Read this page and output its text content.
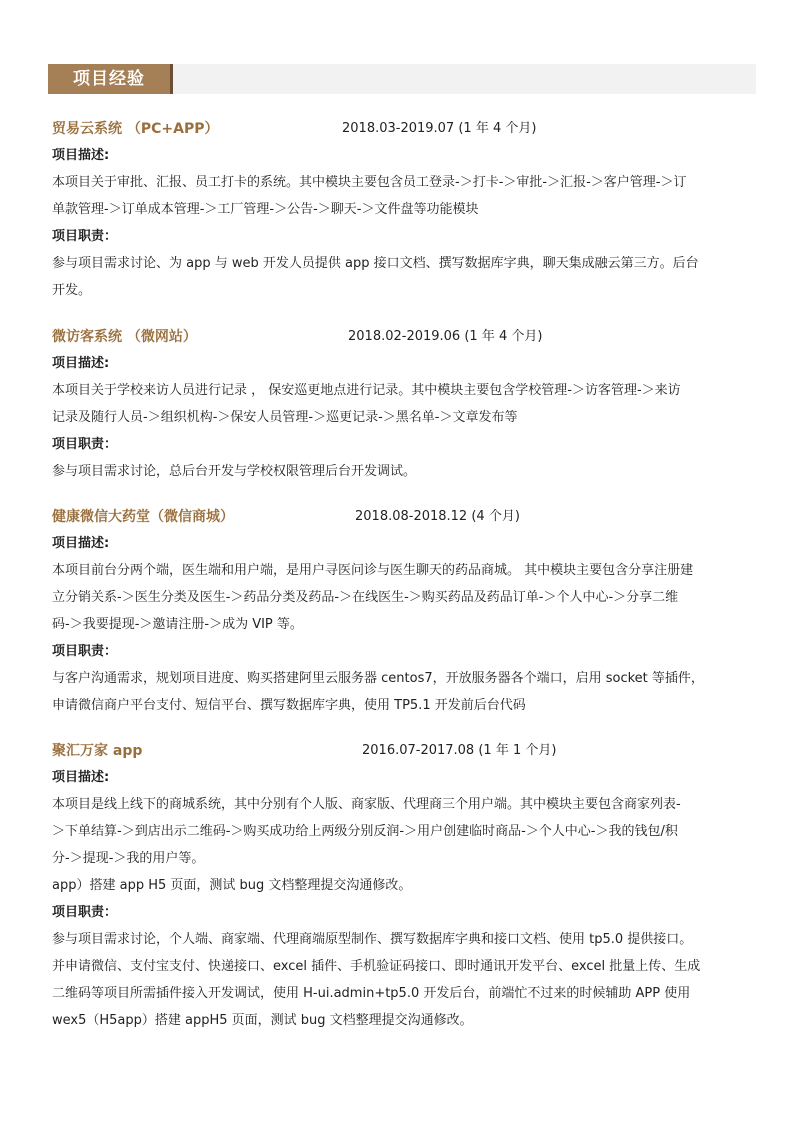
项目经验
贸易云系统 （PC+APP）	2018.03-2019.07 (1 年 4 个月)
项目描述:

本项目关于审批、汇报、员工打卡的系统。其中模块主要包含员工登录-＞打卡-＞审批-＞汇报-＞客户管理-＞订

单款管理-＞订单成本管理-＞工厂管理-＞公告-＞聊天-＞文件盘等功能模块

项目职责：

参与项目需求讨论、为 app 与 web 开发人员提供 app 接口文档、撰写数据库字典，聊天集成融云第三方。后台

开发。

微访客系统 （微网站）	2018.02-2019.06 (1 年 4 个月)
项目描述:

本项目关于学校来访人员进行记录 ， 保安巡更地点进行记录。其中模块主要包含学校管理-＞访客管理-＞来访

记录及随行人员-＞组织机构-＞保安人员管理-＞巡更记录-＞黑名单-＞文章发布等

项目职责：

参与项目需求讨论，总后台开发与学校权限管理后台开发调试。

健康微信大药堂（微信商城）	2018.08-2018.12 (4 个月)
项目描述:

本项目前台分两个端，医生端和用户端，是用户寻医问诊与医生聊天的药品商城。 其中模块主要包含分享注册建

立分销关系-＞医生分类及医生-＞药品分类及药品-＞在线医生-＞购买药品及药品订单-＞个人中心-＞分享二维

码-＞我要提现-＞邀请注册-＞成为 VIP 等。

项目职责：

与客户沟通需求，规划项目进度、购买搭建阿里云服务器 centos7，开放服务器各个端口，启用 socket 等插件，

申请微信商户平台支付、短信平台、撰写数据库字典，使用 TP5.1 开发前后台代码

聚汇万家 app	2016.07-2017.08 (1 年 1 个月)
项目描述:

本项目是线上线下的商城系统，其中分别有个人版、商家版、代理商三个用户端。其中模块主要包含商家列表-

＞下单结算-＞到店出示二维码-＞购买成功给上两级分别反润-＞用户创建临时商品-＞个人中心-＞我的钱包/积

分-＞提现-＞我的用户等。

app）搭建 app H5 页面，测试 bug 文档整理提交沟通修改。

项目职责：

参与项目需求讨论，个人端、商家端、代理商端原型制作、撰写数据库字典和接口文档、使用 tp5.0 提供接口。

并申请微信、支付宝支付、快递接口、excel 插件、手机验证码接口、即时通讯开发平台、excel 批量上传、生成

二维码等项目所需插件接入开发调试，使用 H-ui.admin+tp5.0 开发后台，前端忙不过来的时候辅助 APP 使用

wex5（H5app）搭建 appH5 页面，测试 bug 文档整理提交沟通修改。
